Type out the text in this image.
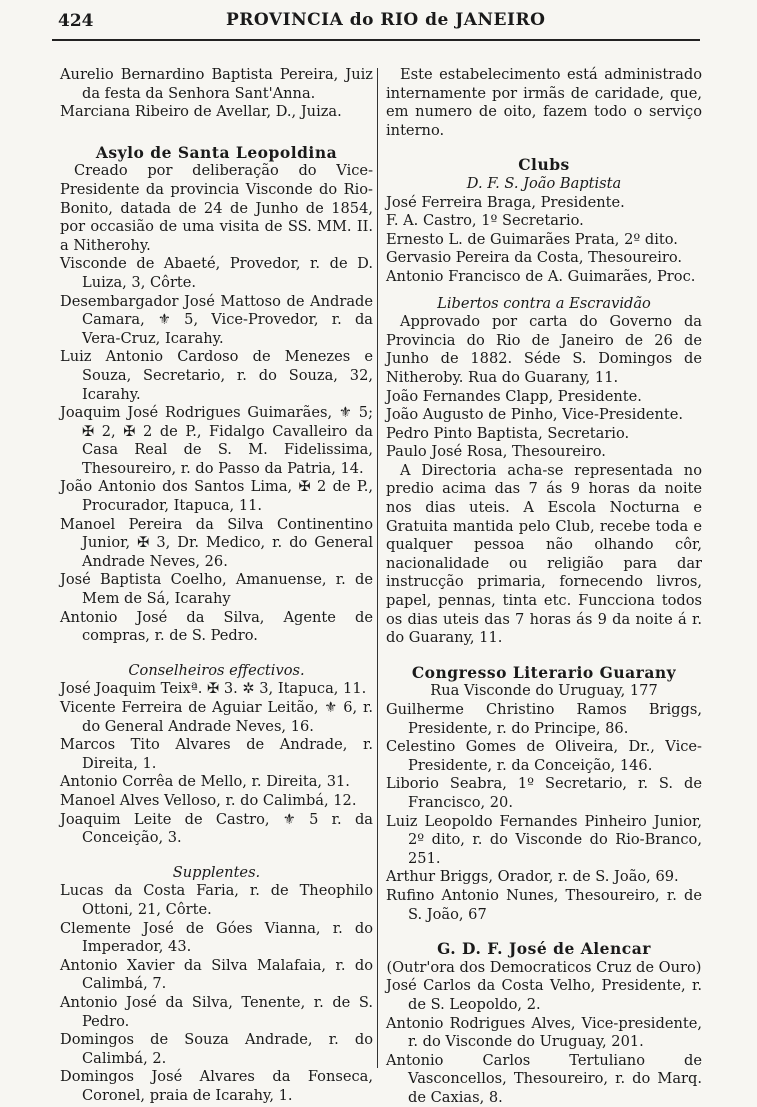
424	PROVINCIA do RIO de JANEIRO

Aurelio Bernardino Baptista Pereira, Juiz da festa da Senhora Sant'Anna.

Marciana Ribeiro de Avellar, D., Juiza.

Asylo de Santa Leopoldina

Creado por deliberação do Vice-Presidente da provincia Visconde do Rio-Bonito, datada de 24 de Junho de 1854, por occasião de uma visita de SS. MM. II. a Nitherohy.

Visconde de Abaeté, Provedor, r. de D. Luiza, 3, Côrte.

Desembargador José Mattoso de Andrade Camara, ⚜ 5, Vice-Provedor, r. da Vera-Cruz, Icarahy.

Luiz Antonio Cardoso de Menezes e Souza, Secretario, r. do Souza, 32, Icarahy.

Joaquim José Rodrigues Guimarães, ⚜ 5; ✠ 2, ✠ 2 de P., Fidalgo Cavalleiro da Casa Real de S. M. Fidelissima, Thesoureiro, r. do Passo da Patria, 14.

João Antonio dos Santos Lima, ✠ 2 de P., Procurador, Itapuca, 11.

Manoel Pereira da Silva Continentino Junior, ✠ 3, Dr. Medico, r. do General Andrade Neves, 26.

José Baptista Coelho, Amanuense, r. de Mem de Sá, Icarahy

Antonio José da Silva, Agente de compras, r. de S. Pedro.

Conselheiros effectivos.

José Joaquim Teixª. ✠ 3. ✲ 3, Itapuca, 11.

Vicente Ferreira de Aguiar Leitão, ⚜ 6, r. do General Andrade Neves, 16.

Marcos Tito Alvares de Andrade, r. Direita, 1.

Antonio Corrêa de Mello, r. Direita, 31.

Manoel Alves Velloso, r. do Calimbá, 12.

Joaquim Leite de Castro, ⚜ 5 r. da Conceição, 3.

Supplentes.

Lucas da Costa Faria, r. de Theophilo Ottoni, 21, Côrte.

Clemente José de Góes Vianna, r. do Imperador, 43.

Antonio Xavier da Silva Malafaia, r. do Calimbá, 7.

Antonio José da Silva, Tenente, r. de S. Pedro.

Domingos de Souza Andrade, r. do Calimbá, 2.

Domingos José Alvares da Fonseca, Coronel, praia de Icarahy, 1.

Este estabelecimento está administrado internamente por irmãs de caridade, que, em numero de oito, fazem todo o serviço interno.

Clubs

D. F. S. João Baptista

José Ferreira Braga, Presidente.

F. A. Castro, 1º Secretario.

Ernesto L. de Guimarães Prata, 2º dito.

Gervasio Pereira da Costa, Thesoureiro.

Antonio Francisco de A. Guimarães, Proc.

Libertos contra a Escravidão

Approvado por carta do Governo da Provincia do Rio de Janeiro de 26 de Junho de 1882. Séde S. Domingos de Nitheroby. Rua do Guarany, 11.

João Fernandes Clapp, Presidente.

João Augusto de Pinho, Vice-Presidente.

Pedro Pinto Baptista, Secretario.

Paulo José Rosa, Thesoureiro.

A Directoria acha-se representada no predio acima das 7 ás 9 horas da noite nos dias uteis. A Escola Nocturna e Gratuita mantida pelo Club, recebe toda e qualquer pessoa não olhando côr, nacionalidade ou religião para dar instrucção primaria, fornecendo livros, papel, pennas, tinta etc. Funcciona todos os dias uteis das 7 horas ás 9 da noite á r. do Guarany, 11.

Congresso Literario Guarany

Rua Visconde do Uruguay, 177

Guilherme Christino Ramos Briggs, Presidente, r. do Principe, 86.

Celestino Gomes de Oliveira, Dr., Vice-Presidente, r. da Conceição, 146.

Liborio Seabra, 1º Secretario, r. S. de Francisco, 20.

Luiz Leopoldo Fernandes Pinheiro Junior, 2º dito, r. do Visconde do Rio-Branco, 251.

Arthur Briggs, Orador, r. de S. João, 69.

Rufino Antonio Nunes, Thesoureiro, r. de S. João, 67

G. D. F. José de Alencar

(Outr'ora dos Democraticos Cruz de Ouro)

José Carlos da Costa Velho, Presidente, r. de S. Leopoldo, 2.

Antonio Rodrigues Alves, Vice-presidente, r. do Visconde do Uruguay, 201.

Antonio Carlos Tertuliano de Vasconcellos, Thesoureiro, r. do Marq. de Caxias, 8.
